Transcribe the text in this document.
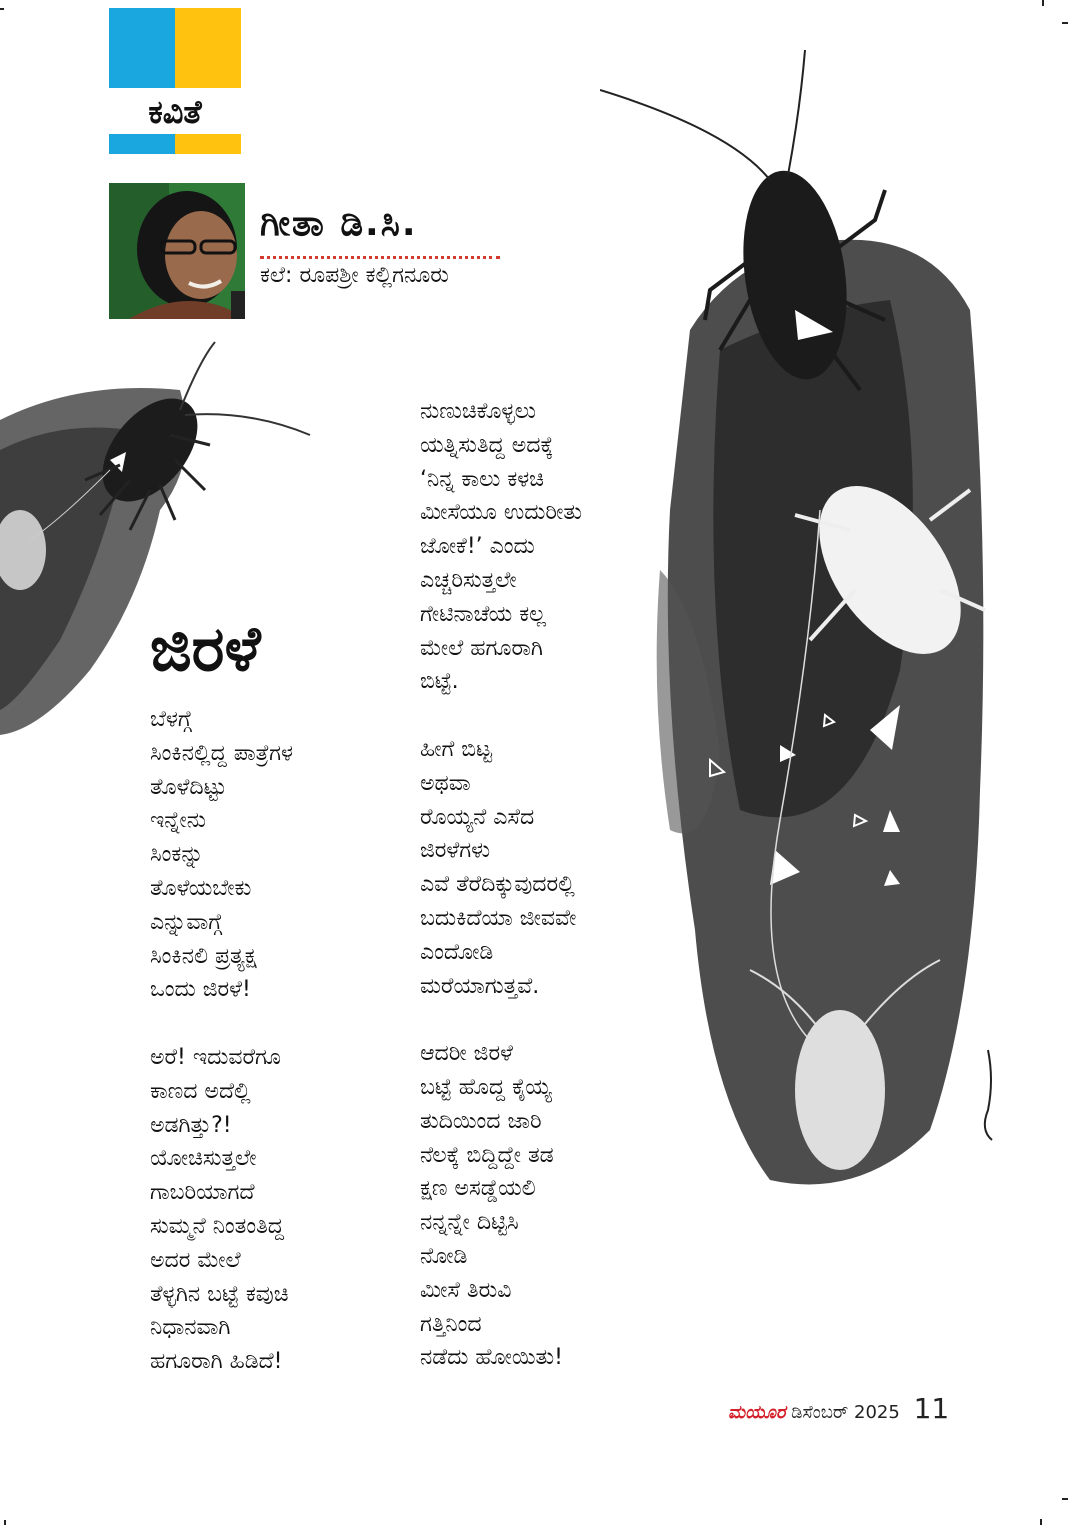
ಕವಿತೆ
ಗೀತಾ ಡಿ.ಸಿ.
ಕಲೆ: ರೂಪಶ್ರೀ ಕಲ್ಲಿಗನೂರು
ಜಿರಳೆ
ಬೆಳಗ್ಗೆ
ಸಿಂಕಿನಲ್ಲಿದ್ದ ಪಾತ್ರೆಗಳ
ತೊಳೆದಿಟ್ಟು
ಇನ್ನೇನು
ಸಿಂಕನ್ನು
ತೊಳೆಯಬೇಕು
ಎನ್ನುವಾಗ್ಗೆ
ಸಿಂಕಿನಲಿ ಪ್ರತ್ಯಕ್ಷ
ಒಂದು ಜಿರಳೆ!
ಅರೆ! ಇದುವರೆಗೂ
ಕಾಣದ ಅದೆಲ್ಲಿ
ಅಡಗಿತ್ತು?!
ಯೋಚಿಸುತ್ತಲೇ
ಗಾಬರಿಯಾಗದೆ
ಸುಮ್ಮನೆ ನಿಂತಂತಿದ್ದ
ಅದರ ಮೇಲೆ
ತೆಳ್ಳಗಿನ ಬಟ್ಟೆ ಕವುಚಿ
ನಿಧಾನವಾಗಿ
ಹಗೂರಾಗಿ ಹಿಡಿದೆ!
ನುಣುಚಿಕೊಳ್ಳಲು
ಯತ್ನಿಸುತಿದ್ದ ಅದಕ್ಕೆ
‘ನಿನ್ನ ಕಾಲು ಕಳಚಿ
ಮೀಸೆಯೂ ಉದುರೀತು
ಜೋಕೆ!’ ಎಂದು
ಎಚ್ಚರಿಸುತ್ತಲೇ
ಗೇಟಿನಾಚೆಯ ಕಲ್ಲ
ಮೇಲೆ ಹಗೂರಾಗಿ
ಬಿಟ್ಟೆ.
ಹೀಗೆ ಬಿಟ್ಟ
ಅಥವಾ
ರೊಯ್ಯನೆ ಎಸೆದ
ಜಿರಳೆಗಳು
ಎವೆ ತೆರೆದಿಕ್ಕುವುದರಲ್ಲಿ
ಬದುಕಿದೆಯಾ ಜೀವವೇ
ಎಂದೋಡಿ
ಮರೆಯಾಗುತ್ತವೆ.
ಆದರೀ ಜಿರಳೆ
ಬಟ್ಟೆ ಹೊದ್ದ ಕೈಯ್ಯ
ತುದಿಯಿಂದ ಜಾರಿ
ನೆಲಕ್ಕೆ ಬಿದ್ದಿದ್ದೇ ತಡ
ಕ್ಷಣ ಅಸಡ್ಡೆಯಲಿ
ನನ್ನನ್ನೇ ದಿಟ್ಟಿಸಿ
ನೋಡಿ
ಮೀಸೆ ತಿರುವಿ
ಗತ್ತಿನಿಂದ
ನಡೆದು ಹೋಯಿತು!
ಮಯೂರ ಡಿಸೆಂಬರ್ 2025 11
